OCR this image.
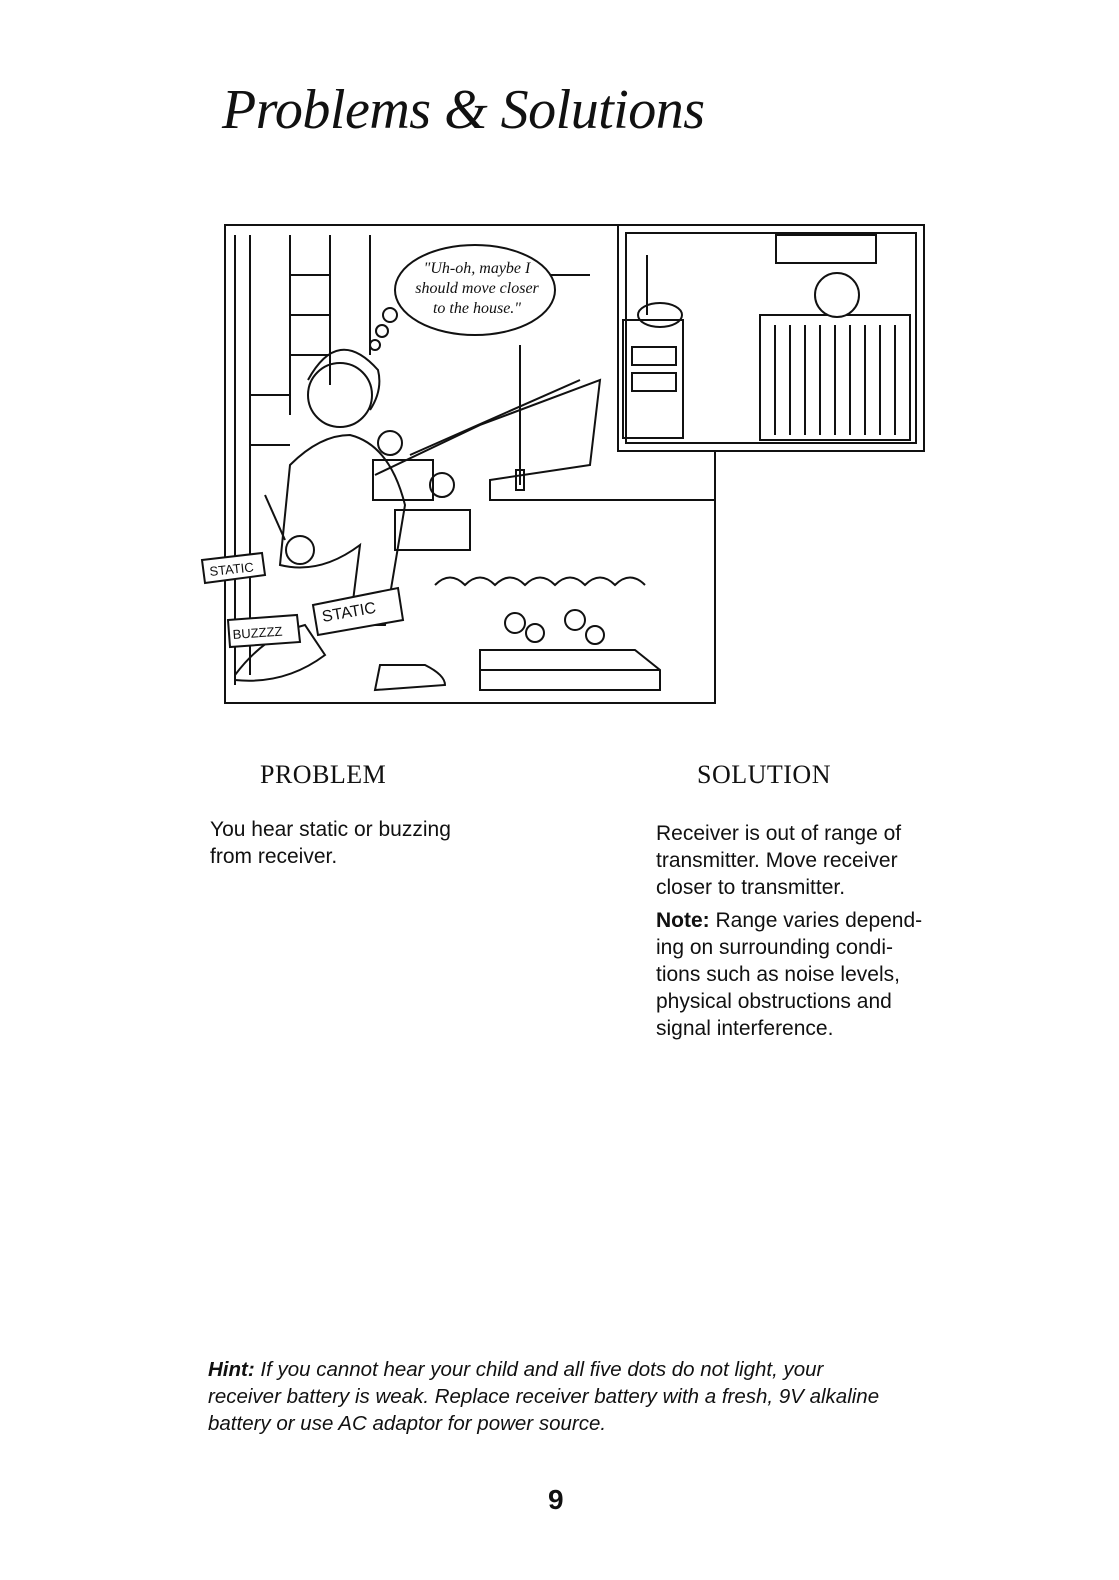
Problems & Solutions
"Uh-oh, maybe I
should move closer
to the house."
STATIC
STATIC
BUZZZZ
PROBLEM
You hear static or buzzing
from receiver.
SOLUTION

Receiver is out of range of
transmitter. Move receiver
closer to transmitter.

Note: Range varies depend-
ing on surrounding condi-
tions such as noise levels,
physical obstructions and
signal interference.

Hint: If you cannot hear your child and all five dots do not light, your
receiver battery is weak. Replace receiver battery with a fresh, 9V alkaline
battery or use AC adaptor for power source.
9
